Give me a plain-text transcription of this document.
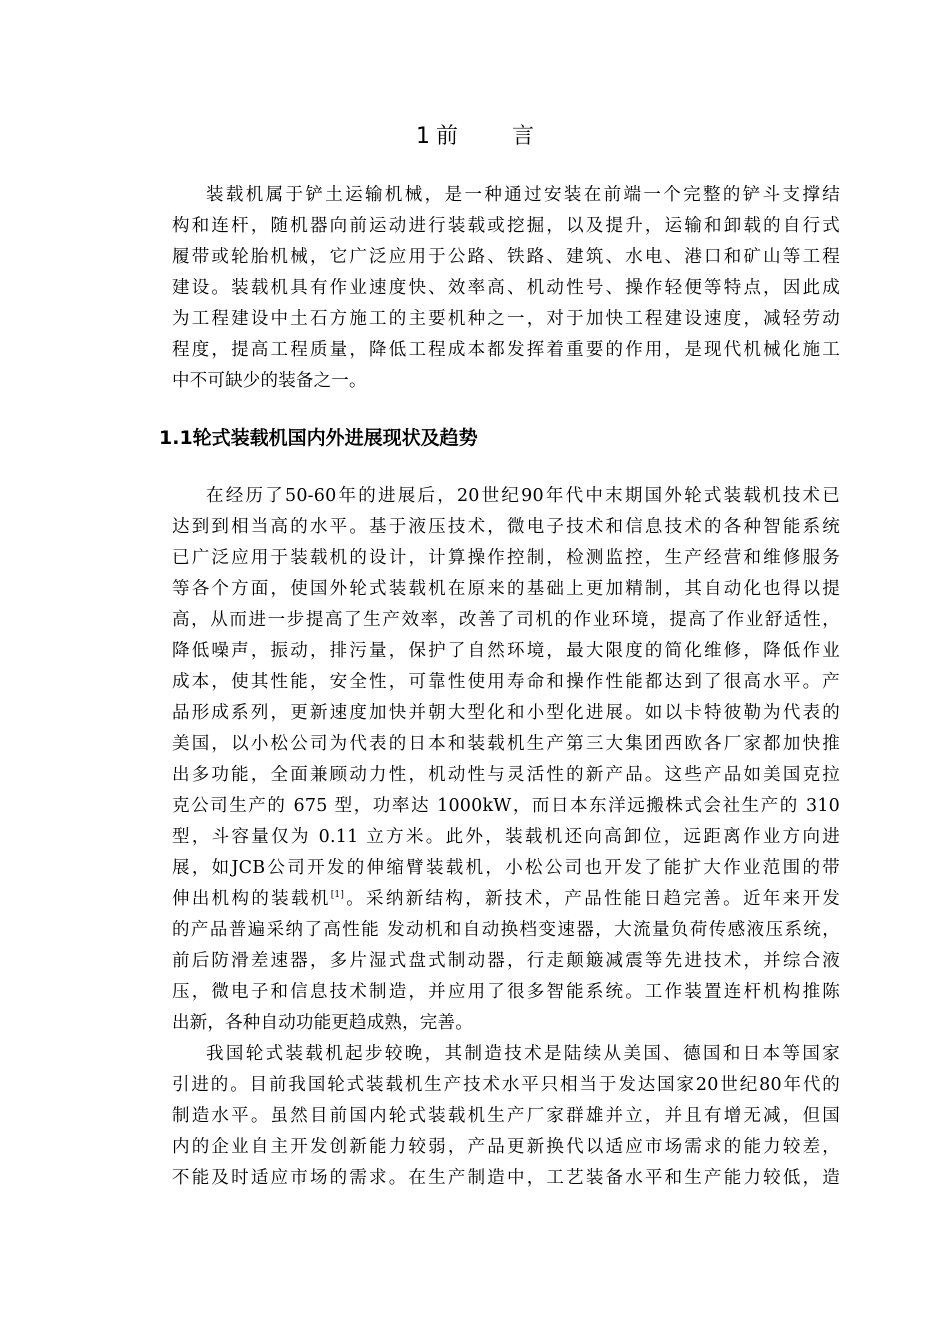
1 前 言
装载机属于铲土运输机械，是一种通过安装在前端一个完整的铲斗支撑结
构和连杆，随机器向前运动进行装载或挖掘，以及提升，运输和卸载的自行式
履带或轮胎机械，它广泛应用于公路、铁路、建筑、水电、港口和矿山等工程
建设。装载机具有作业速度快、效率高、机动性号、操作轻便等特点，因此成
为工程建设中土石方施工的主要机种之一，对于加快工程建设速度，减轻劳动
程度，提高工程质量，降低工程成本都发挥着重要的作用，是现代机械化施工
中不可缺少的装备之一。
1.1轮式装载机国内外进展现状及趋势
在经历了50-60年的进展后，20世纪90年代中末期国外轮式装载机技术已
达到到相当高的水平。基于液压技术，微电子技术和信息技术的各种智能系统
已广泛应用于装载机的设计，计算操作控制，检测监控，生产经营和维修服务
等各个方面，使国外轮式装载机在原来的基础上更加精制，其自动化也得以提
高，从而进一步提高了生产效率，改善了司机的作业环境，提高了作业舒适性，
降低噪声，振动，排污量，保护了自然环境，最大限度的简化维修，降低作业
成本，使其性能，安全性，可靠性使用寿命和操作性能都达到了很高水平。产
品形成系列，更新速度加快并朝大型化和小型化进展。如以卡特彼勒为代表的
美国，以小松公司为代表的日本和装载机生产第三大集团西欧各厂家都加快推
出多功能，全面兼顾动力性，机动性与灵活性的新产品。这些产品如美国克拉
克公司生产的 675 型，功率达 1000kW，而日本东洋远搬株式会社生产的 310
型，斗容量仅为 0.11 立方米。此外，装载机还向高卸位，远距离作业方向进
展，如JCB公司开发的伸缩臂装载机，小松公司也开发了能扩大作业范围的带
伸出机构的装载机[1]。采纳新结构，新技术，产品性能日趋完善。近年来开发
的产品普遍采纳了高性能 发动机和自动换档变速器，大流量负荷传感液压系统，
前后防滑差速器，多片湿式盘式制动器，行走颠簸减震等先进技术，并综合液
压，微电子和信息技术制造，并应用了很多智能系统。工作装置连杆机构推陈
出新，各种自动功能更趋成熟，完善。
我国轮式装载机起步较晚，其制造技术是陆续从美国、德国和日本等国家
引进的。目前我国轮式装载机生产技术水平只相当于发达国家20世纪80年代的
制造水平。虽然目前国内轮式装载机生产厂家群雄并立，并且有增无减，但国
内的企业自主开发创新能力较弱，产品更新换代以适应市场需求的能力较差，
不能及时适应市场的需求。在生产制造中，工艺装备水平和生产能力较低，造
